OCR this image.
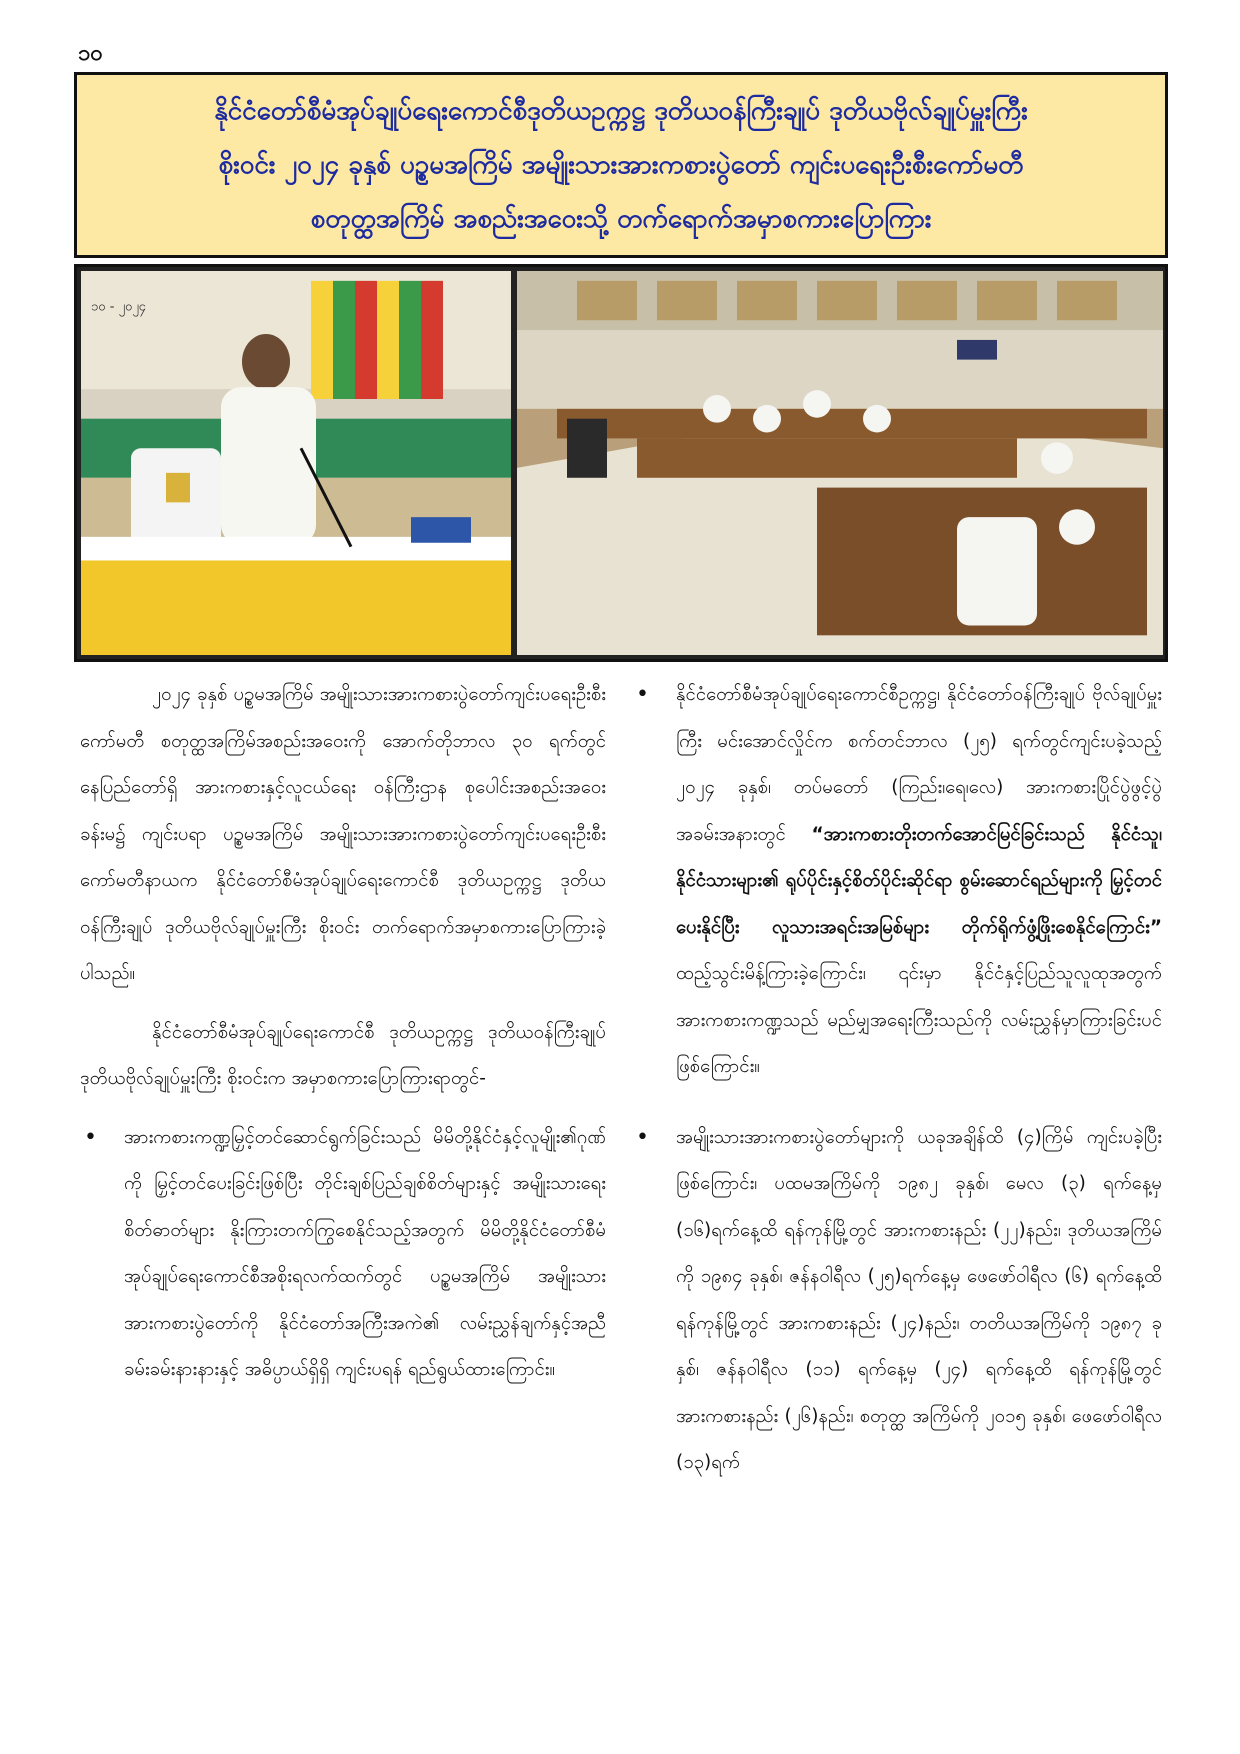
၁၀
နိုင်ငံတော်စီမံအုပ်ချုပ်ရေးကောင်စီဒုတိယဥက္ကဋ္ဌ ဒုတိယဝန်ကြီးချုပ် ဒုတိယဗိုလ်ချုပ်မှူးကြီး
စိုးဝင်း ၂၀၂၄ ခုနှစ် ပဉ္စမအကြိမ် အမျိုးသားအားကစားပွဲတော် ကျင်းပရေးဦးစီးကော်မတီ
စတုတ္ထအကြိမ် အစည်းအဝေးသို့ တက်ရောက်အမှာစကားပြောကြား
၁၀ - ၂၀၂၄

၂၀၂၄ ခုနှစ် ပဉ္စမအကြိမ် အမျိုးသားအားကစားပွဲတော်ကျင်းပရေးဦးစီးကော်မတီ စတုတ္ထအကြိမ်အစည်းအဝေးကို အောက်တိုဘာလ ၃၀ ရက်တွင် နေပြည်တော်ရှိ အားကစားနှင့်လူငယ်ရေး ဝန်ကြီးဌာန စုပေါင်းအစည်းအဝေးခန်းမ၌ ကျင်းပရာ ပဉ္စမအကြိမ် အမျိုးသားအားကစားပွဲတော်ကျင်းပရေးဦးစီးကော်မတီနာယက နိုင်ငံတော်စီမံအုပ်ချုပ်ရေးကောင်စီ ဒုတိယဥက္ကဋ္ဌ ဒုတိယဝန်ကြီးချုပ် ဒုတိယဗိုလ်ချုပ်မှူးကြီး စိုးဝင်း တက်ရောက်အမှာစကားပြောကြားခဲ့ပါသည်။

နိုင်ငံတော်စီမံအုပ်ချုပ်ရေးကောင်စီ ဒုတိယဥက္ကဋ္ဌ ဒုတိယဝန်ကြီးချုပ် ဒုတိယဗိုလ်ချုပ်မှူးကြီး စိုးဝင်းက အမှာစကားပြောကြားရာတွင်-

• အားကစားကဏ္ဍမြှင့်တင်ဆောင်ရွက်ခြင်းသည် မိမိတို့နိုင်ငံနှင့်လူမျိုး၏ဂုဏ်ကို မြှင့်တင်ပေးခြင်းဖြစ်ပြီး တိုင်းချစ်ပြည်ချစ်စိတ်များနှင့် အမျိုးသားရေးစိတ်ဓာတ်များ နိုးကြားတက်ကြွစေနိုင်သည့်အတွက် မိမိတို့နိုင်ငံတော်စီမံအုပ်ချုပ်ရေးကောင်စီအစိုးရလက်ထက်တွင် ပဉ္စမအကြိမ် အမျိုးသားအားကစားပွဲတော်ကို နိုင်ငံတော်အကြီးအကဲ၏ လမ်းညွှန်ချက်နှင့်အညီ ခမ်းခမ်းနားနားနှင့် အဓိပ္ပာယ်ရှိရှိ ကျင်းပရန် ရည်ရွယ်ထားကြောင်း။
• နိုင်ငံတော်စီမံအုပ်ချုပ်ရေးကောင်စီဥက္ကဋ္ဌ၊ နိုင်ငံတော်ဝန်ကြီးချုပ် ဗိုလ်ချုပ်မှူးကြီး မင်းအောင်လှိုင်က စက်တင်ဘာလ (၂၅) ရက်တွင်ကျင်းပခဲ့သည့် ၂၀၂၄ ခုနှစ်၊ တပ်မတော် (ကြည်း၊ရေ၊လေ) အားကစားပြိုင်ပွဲဖွင့်ပွဲအခမ်းအနားတွင် “အားကစားတိုးတက်အောင်မြင်ခြင်းသည် နိုင်ငံသူ၊ နိုင်ငံသားများ၏ ရုပ်ပိုင်းနှင့်စိတ်ပိုင်းဆိုင်ရာ စွမ်းဆောင်ရည်များကို မြှင့်တင်ပေးနိုင်ပြီး လူသားအရင်းအမြစ်များ တိုက်ရိုက်ဖွံ့ဖြိုးစေနိုင်ကြောင်း” ထည့်သွင်းမိန့်ကြားခဲ့ကြောင်း၊ ၎င်းမှာ နိုင်ငံနှင့်ပြည်သူလူထုအတွက် အားကစားကဏ္ဍသည် မည်မျှအရေးကြီးသည်ကို လမ်းညွှန်မှာကြားခြင်းပင်ဖြစ်ကြောင်း။
• အမျိုးသားအားကစားပွဲတော်များကို ယခုအချိန်ထိ (၄)ကြိမ် ကျင်းပခဲ့ပြီးဖြစ်ကြောင်း၊ ပထမအကြိမ်ကို ၁၉၈၂ ခုနှစ်၊ မေလ (၃) ရက်နေ့မှ (၁၆)ရက်နေ့ထိ ရန်ကုန်မြို့တွင် အားကစားနည်း (၂၂)နည်း၊ ဒုတိယအကြိမ်ကို ၁၉၈၄ ခုနှစ်၊ ဇန်နဝါရီလ (၂၅)ရက်နေ့မှ ဖေဖော်ဝါရီလ (၆) ရက်နေ့ထိ ရန်ကုန်မြို့တွင် အားကစားနည်း (၂၄)နည်း၊ တတိယအကြိမ်ကို ၁၉၈၇ ခုနှစ်၊ ဇန်နဝါရီလ (၁၁) ရက်နေ့မှ (၂၄) ရက်နေ့ထိ ရန်ကုန်မြို့တွင် အားကစားနည်း (၂၆)နည်း၊ စတုတ္ထ အကြိမ်ကို ၂၀၁၅ ခုနှစ်၊ ဖေဖော်ဝါရီလ (၁၃)ရက်
